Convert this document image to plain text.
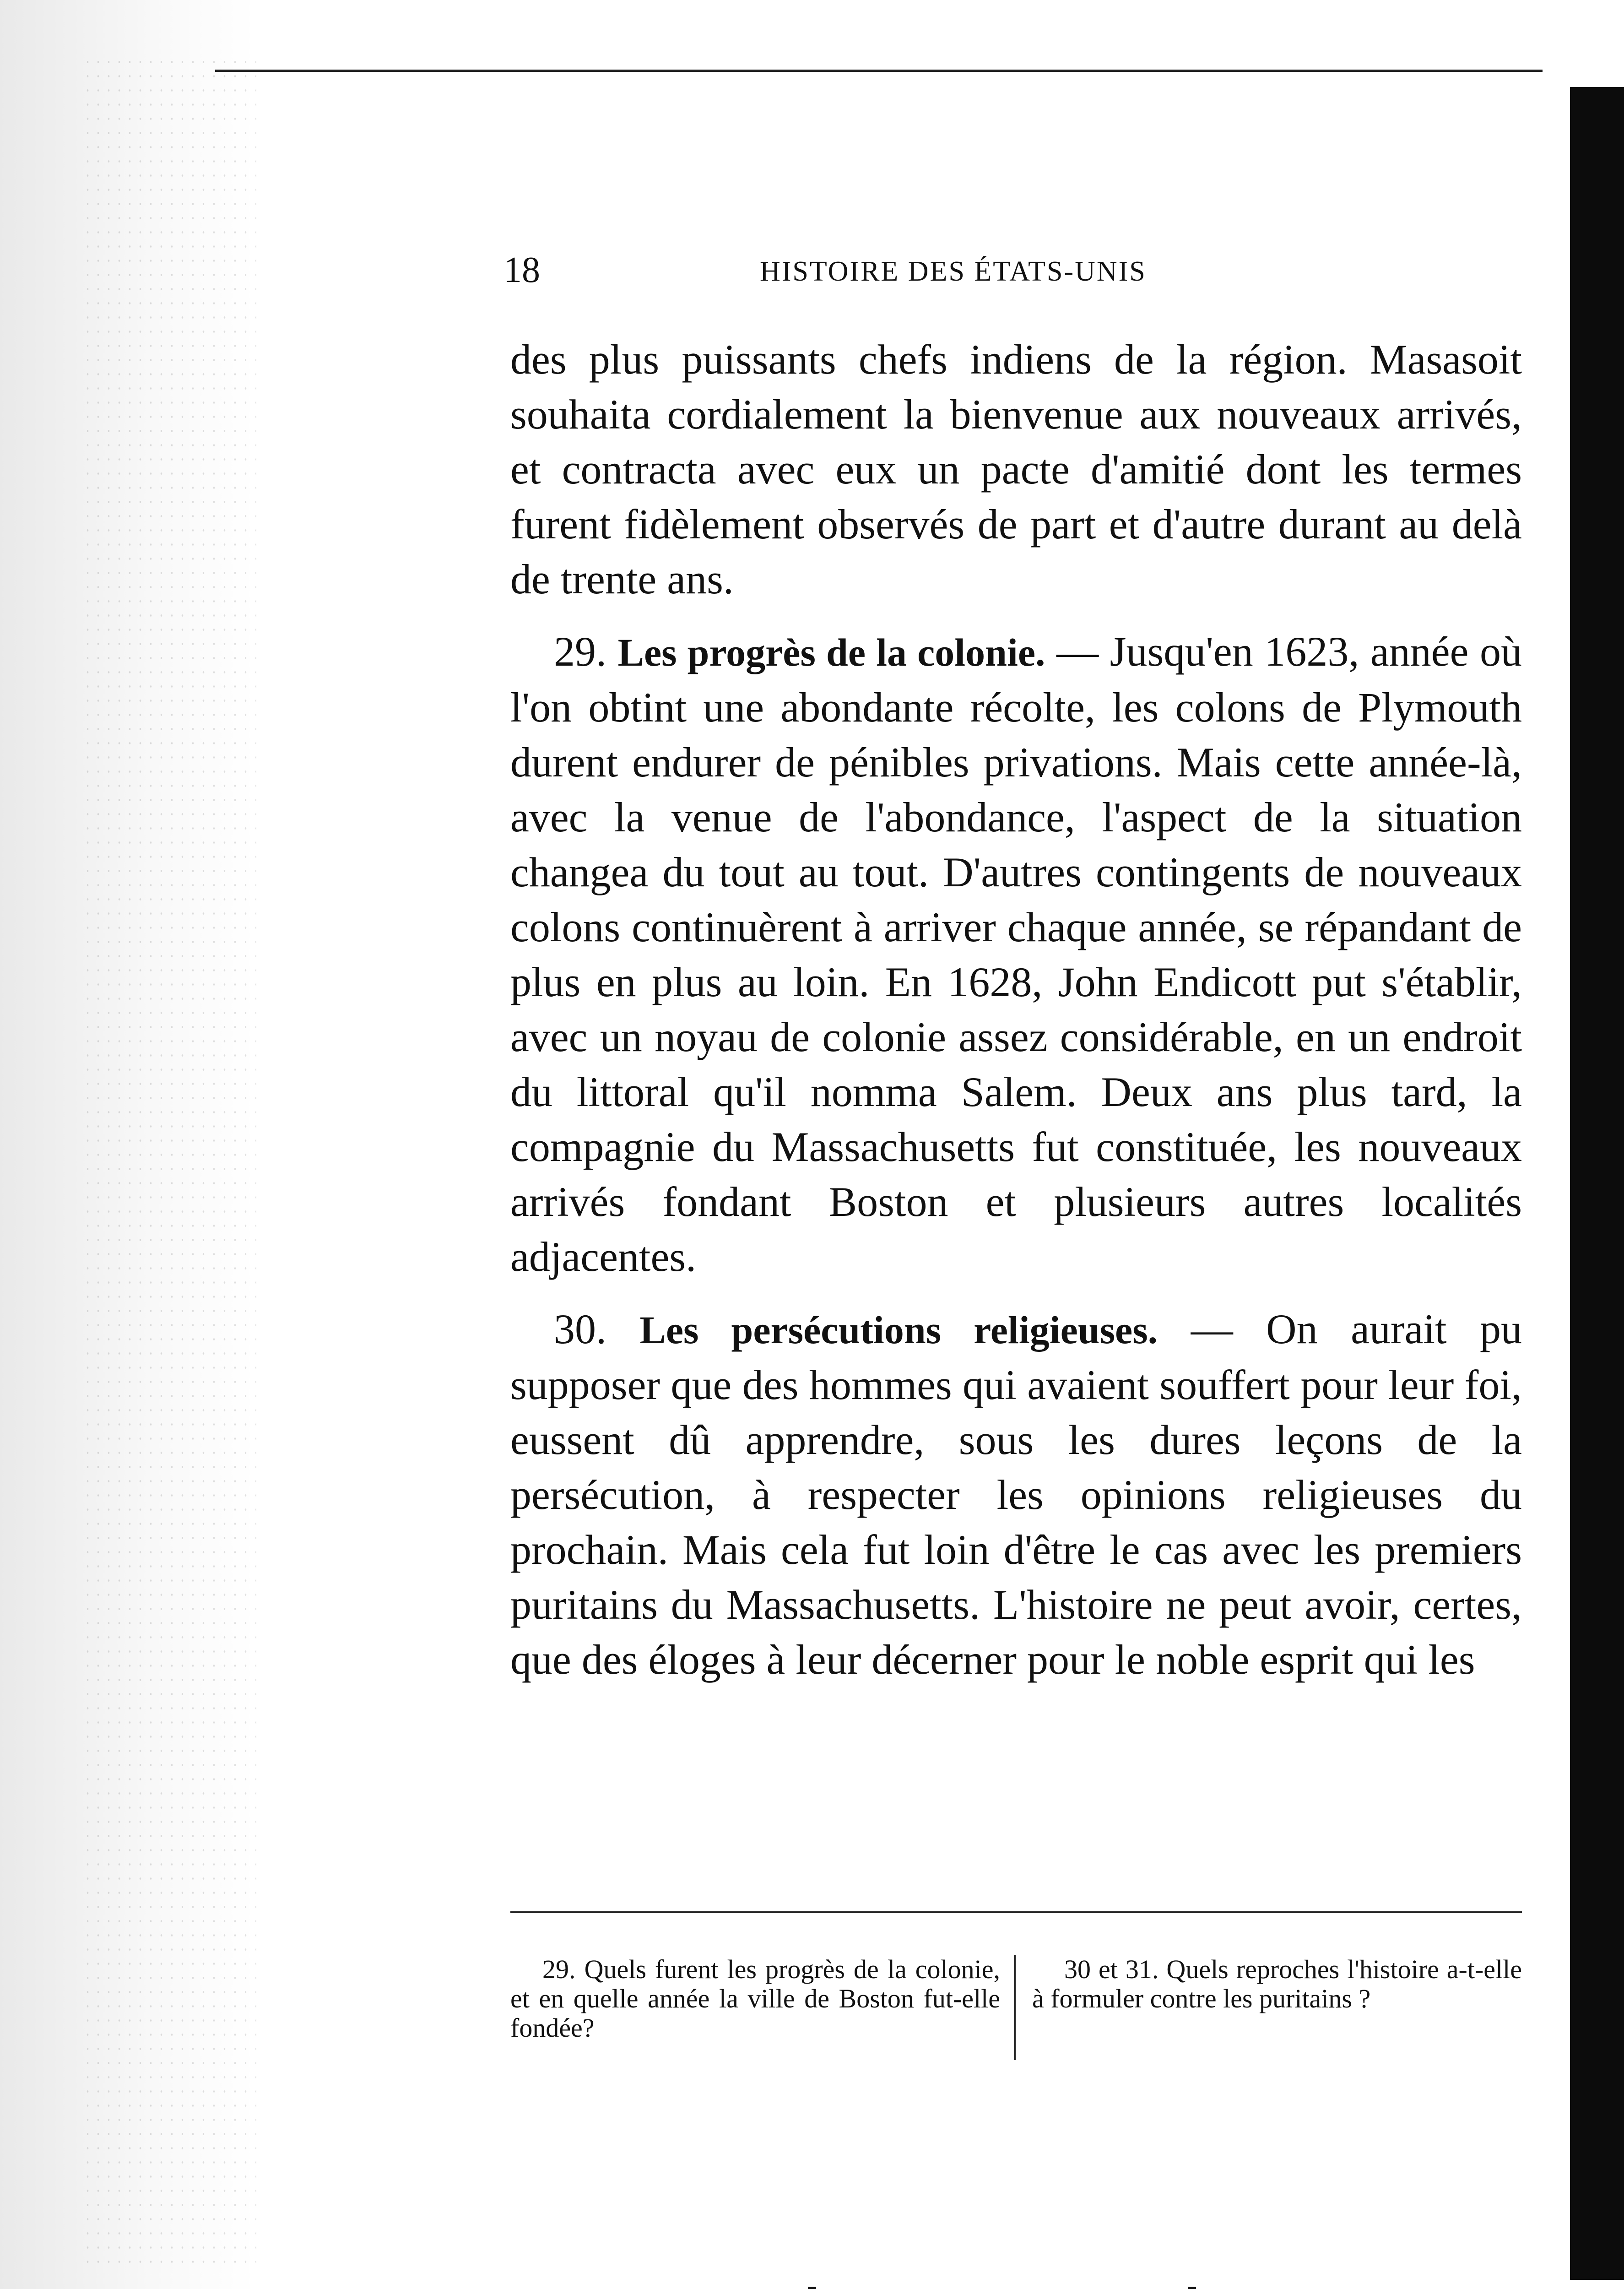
18	HISTOIRE DES ÉTATS-UNIS

des plus puissants chefs indiens de la région. Masasoit souhaita cordialement la bienvenue aux nouveaux arrivés, et contracta avec eux un pacte d'amitié dont les termes furent fidèlement observés de part et d'autre durant au delà de trente ans.

29. Les progrès de la colonie. — Jusqu'en 1623, année où l'on obtint une abondante récolte, les colons de Plymouth durent endurer de pénibles privations. Mais cette année-là, avec la venue de l'abondance, l'aspect de la situation changea du tout au tout. D'autres contingents de nouveaux colons continuèrent à arriver chaque année, se répandant de plus en plus au loin. En 1628, John Endicott put s'établir, avec un noyau de colonie assez considérable, en un endroit du littoral qu'il nomma Salem. Deux ans plus tard, la compagnie du Massachusetts fut constituée, les nouveaux arrivés fondant Boston et plusieurs autres localités adjacentes.

30. Les persécutions religieuses. — On aurait pu supposer que des hommes qui avaient souffert pour leur foi, eussent dû apprendre, sous les dures leçons de la persécution, à respecter les opinions religieuses du prochain. Mais cela fut loin d'être le cas avec les premiers puritains du Massachusetts. L'histoire ne peut avoir, certes, que des éloges à leur décerner pour le noble esprit qui les

29. Quels furent les progrès de la colonie, et en quelle année la ville de Boston fut-elle fondée?
30 et 31. Quels reproches l'histoire a-t-elle à formuler contre les puritains ?
